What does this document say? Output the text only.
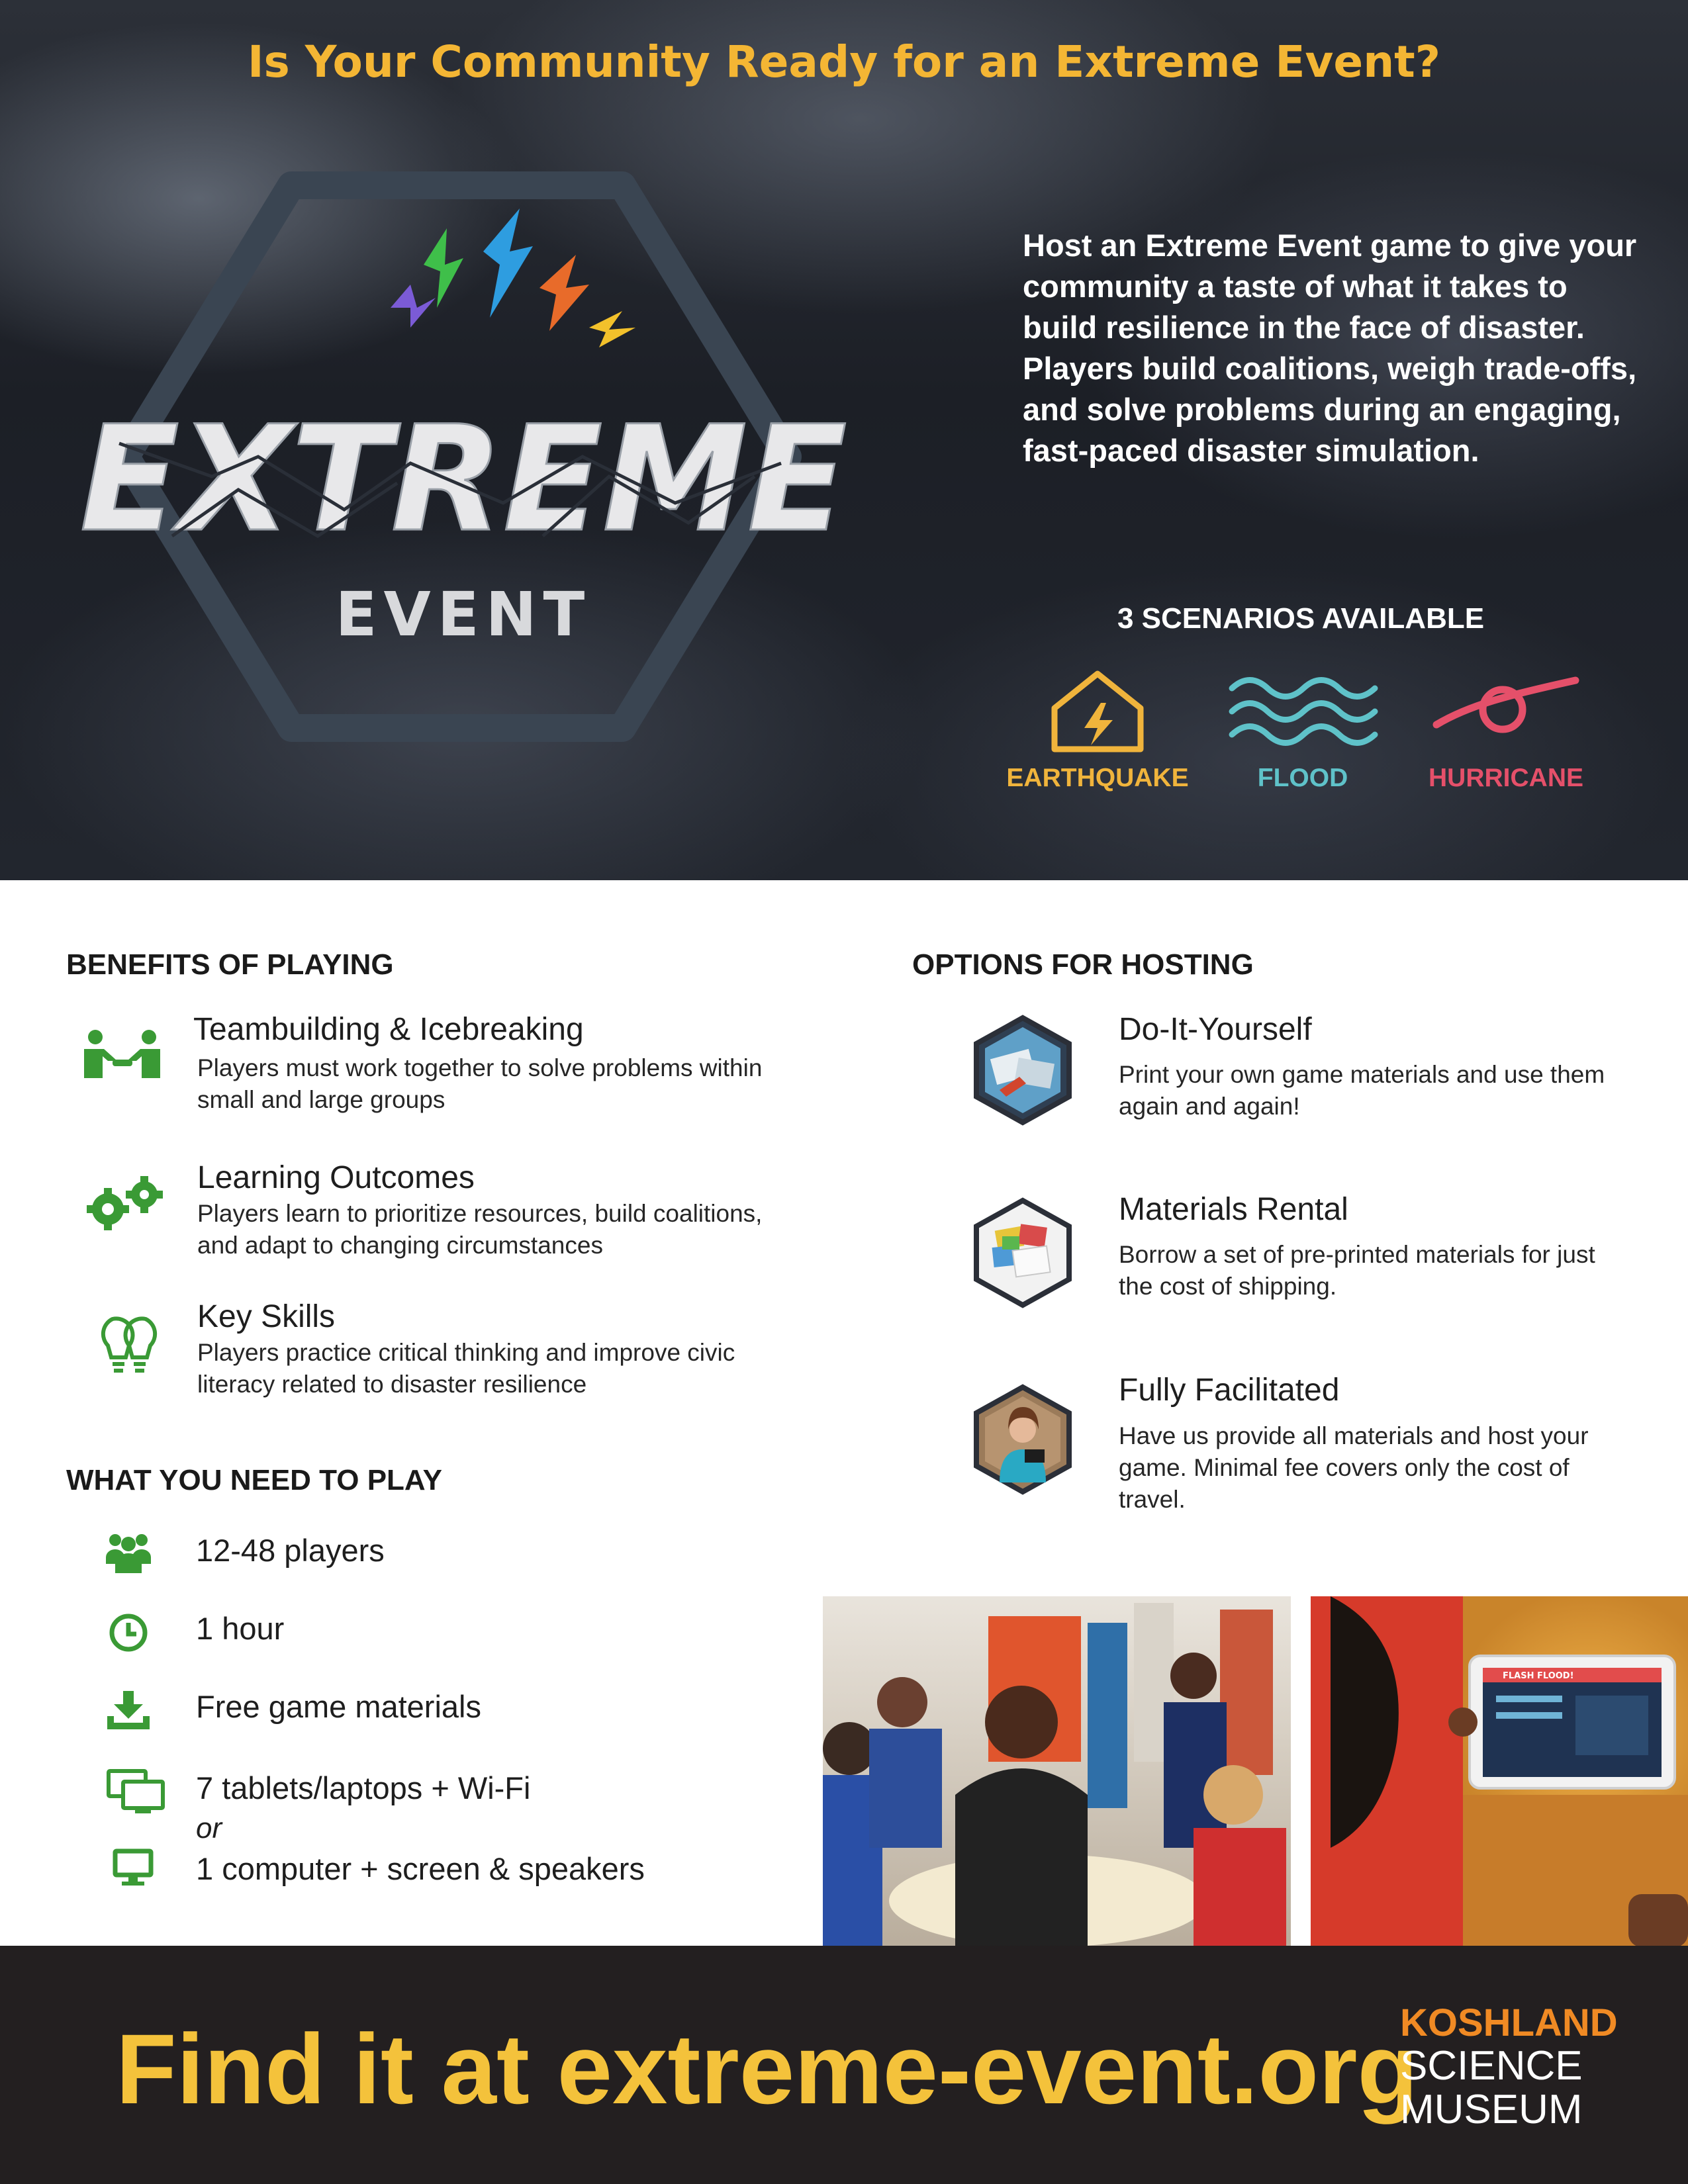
Is Your Community Ready for an Extreme Event?
EXTREME
EVENT
Host an Extreme Event game to give your community a taste of what it takes to build resilience in the face of disaster. Players build coalitions, weigh trade-offs, and solve problems during an engaging, fast-paced disaster simulation.
3 SCENARIOS AVAILABLE
EARTHQUAKE	FLOOD	HURRICANE
BENEFITS OF PLAYING
Teambuilding & Icebreaking
Players must work together to solve problems within small and large groups
Learning Outcomes
Players learn to prioritize resources, build coalitions, and adapt to changing circumstances
Key Skills
Players practice critical thinking and improve civic literacy related to disaster resilience
WHAT YOU NEED TO PLAY
12-48 players
1 hour
Free game materials
7 tablets/laptops + Wi-Fi
or
1 computer + screen & speakers
OPTIONS FOR HOSTING
Do-It-Yourself
Print your own game materials and use them again and again!
Materials Rental
Borrow a set of pre-printed materials for just the cost of shipping.
Fully Facilitated
Have us provide all materials and host your game. Minimal fee covers only the cost of travel.
FLASH FLOOD!
Find it at extreme-event.org
KOSHLAND
SCIENCE
MUSEUM
